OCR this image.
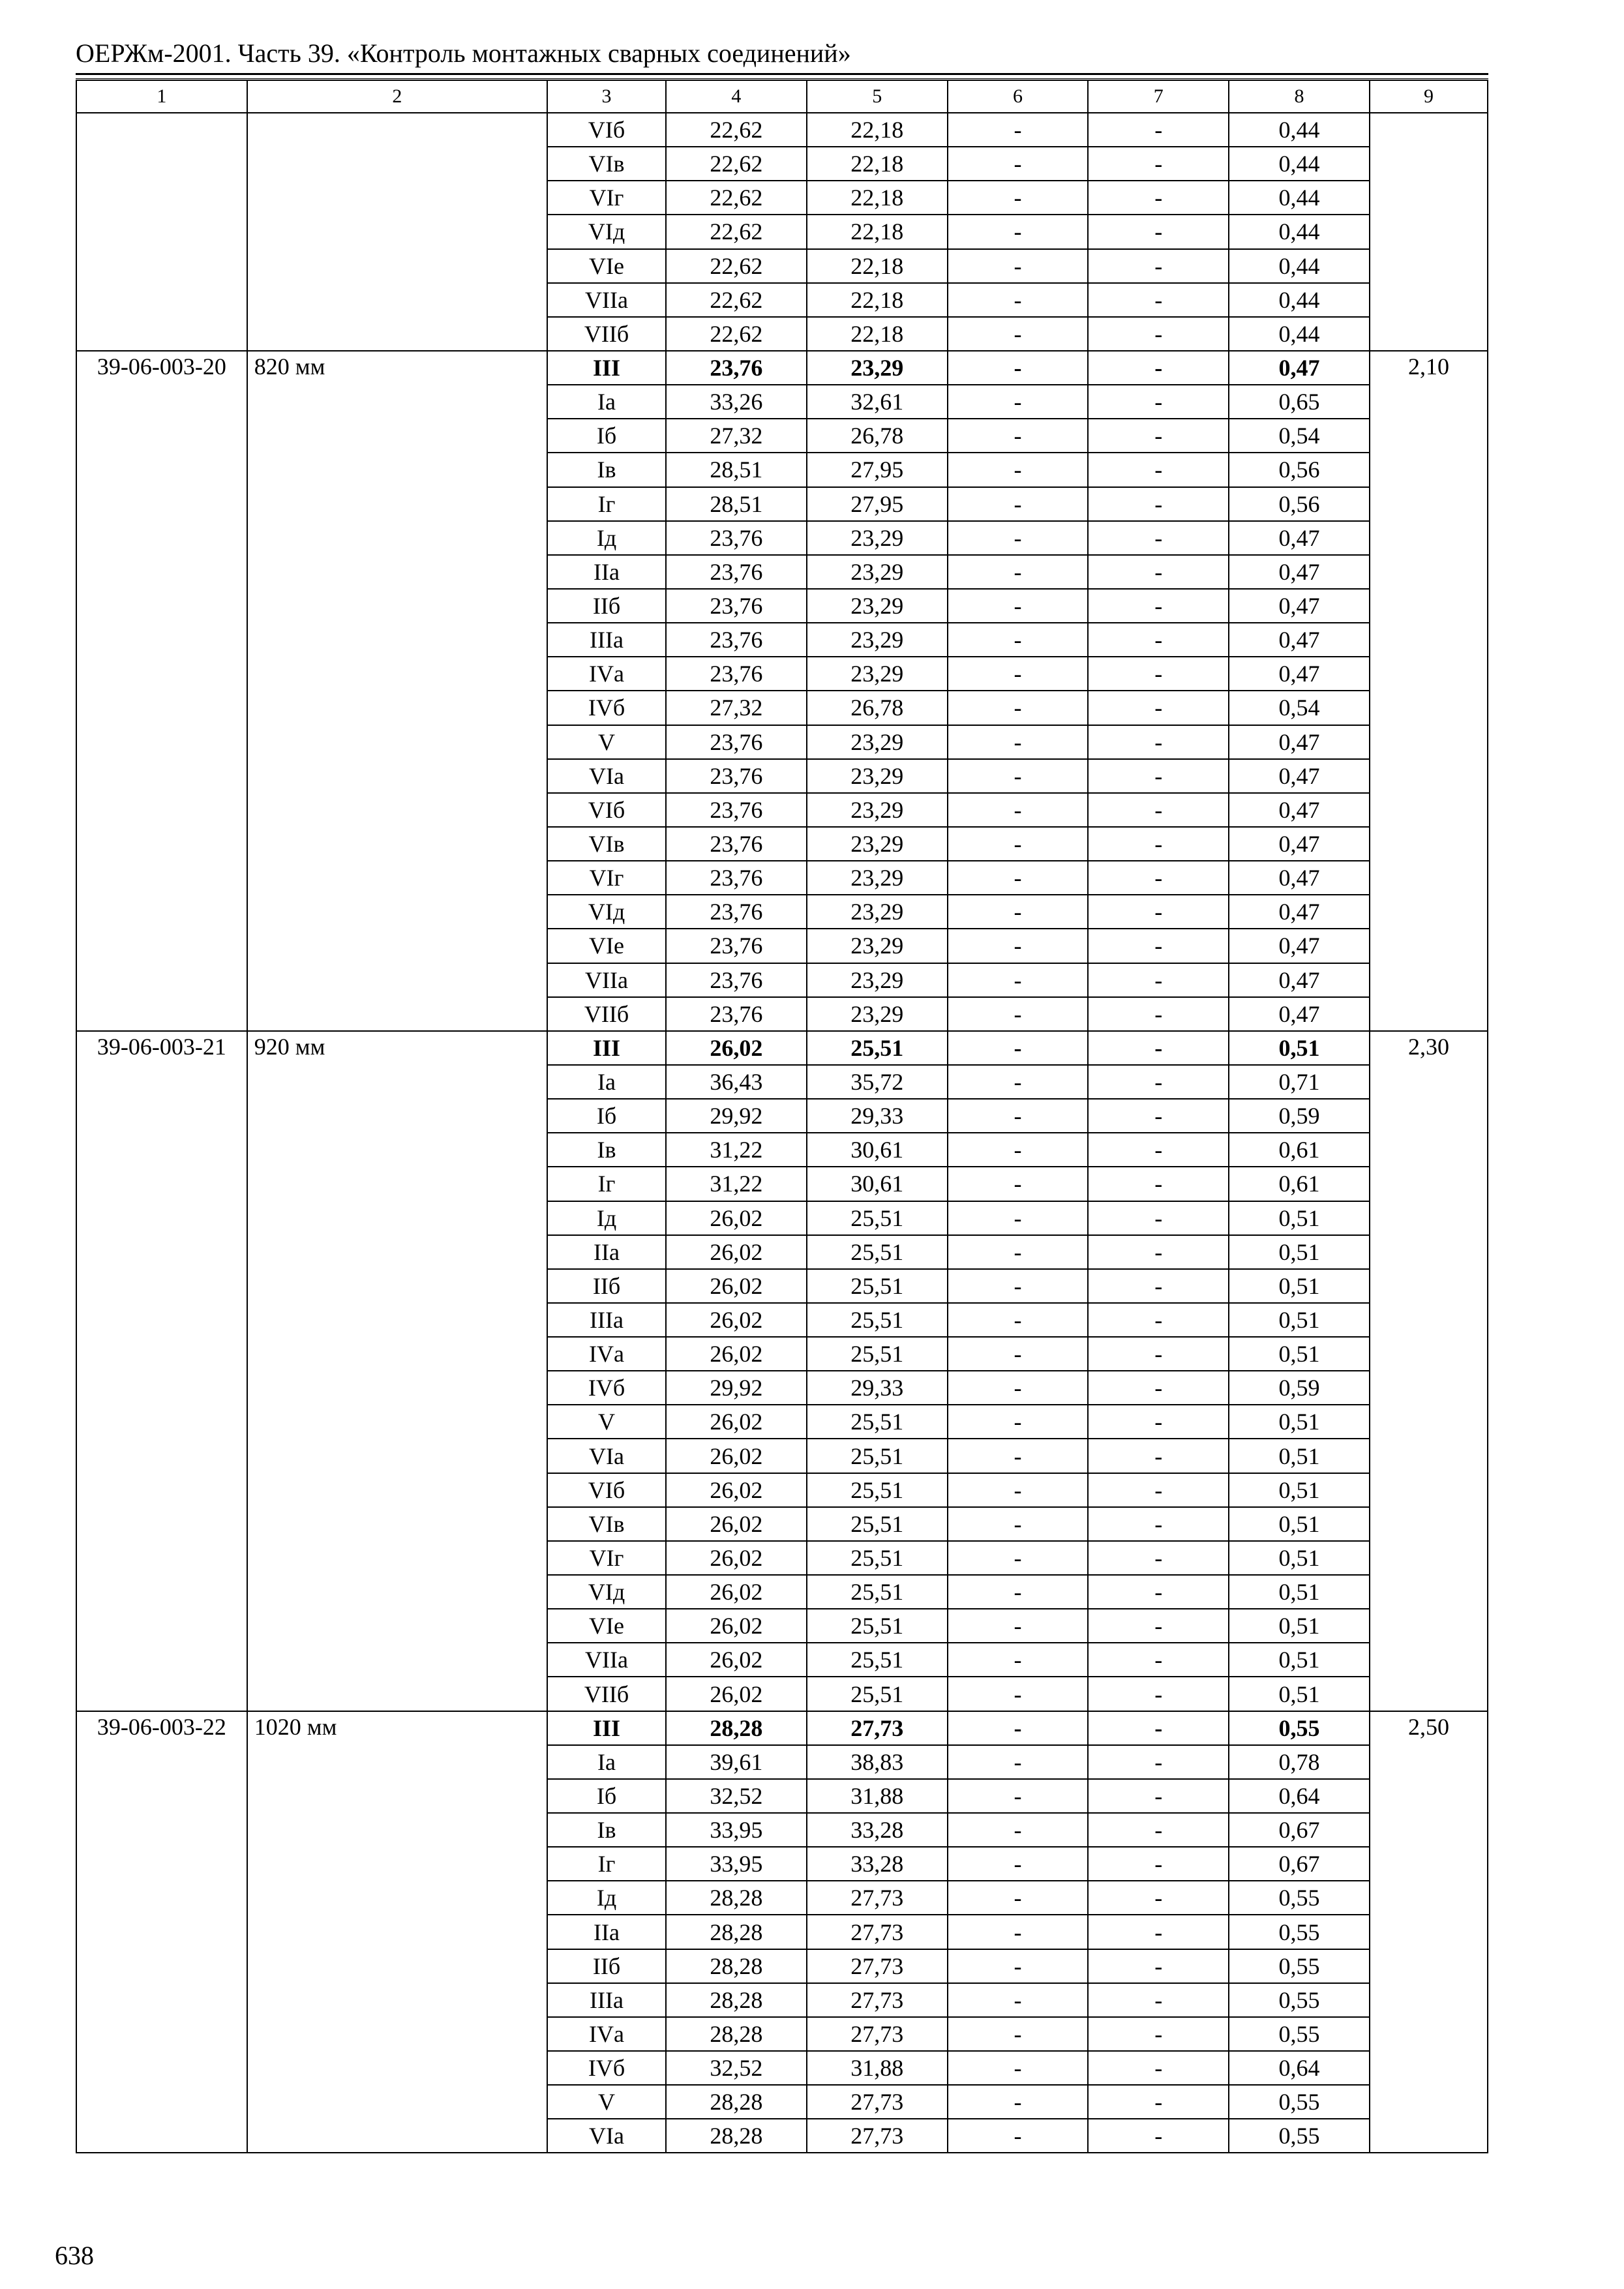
ОЕРЖм-2001. Часть 39. «Контроль монтажных сварных соединений»
1	2	3	4	5	6	7	8	9
		VIб	22,62	22,18	-	-	0,44	
		VIв	22,62	22,18	-	-	0,44	
		VIг	22,62	22,18	-	-	0,44	
		VIд	22,62	22,18	-	-	0,44	
		VIе	22,62	22,18	-	-	0,44	
		VIIа	22,62	22,18	-	-	0,44	
		VIIб	22,62	22,18	-	-	0,44	
39-06-003-20	820 мм	III	23,76	23,29	-	-	0,47	2,10
		Iа	33,26	32,61	-	-	0,65	
		Iб	27,32	26,78	-	-	0,54	
		Iв	28,51	27,95	-	-	0,56	
		Iг	28,51	27,95	-	-	0,56	
		Iд	23,76	23,29	-	-	0,47	
		IIа	23,76	23,29	-	-	0,47	
		IIб	23,76	23,29	-	-	0,47	
		IIIа	23,76	23,29	-	-	0,47	
		IVа	23,76	23,29	-	-	0,47	
		IVб	27,32	26,78	-	-	0,54	
		V	23,76	23,29	-	-	0,47	
		VIа	23,76	23,29	-	-	0,47	
		VIб	23,76	23,29	-	-	0,47	
		VIв	23,76	23,29	-	-	0,47	
		VIг	23,76	23,29	-	-	0,47	
		VIд	23,76	23,29	-	-	0,47	
		VIе	23,76	23,29	-	-	0,47	
		VIIа	23,76	23,29	-	-	0,47	
		VIIб	23,76	23,29	-	-	0,47	
39-06-003-21	920 мм	III	26,02	25,51	-	-	0,51	2,30
		Iа	36,43	35,72	-	-	0,71	
		Iб	29,92	29,33	-	-	0,59	
		Iв	31,22	30,61	-	-	0,61	
		Iг	31,22	30,61	-	-	0,61	
		Iд	26,02	25,51	-	-	0,51	
		IIа	26,02	25,51	-	-	0,51	
		IIб	26,02	25,51	-	-	0,51	
		IIIа	26,02	25,51	-	-	0,51	
		IVа	26,02	25,51	-	-	0,51	
		IVб	29,92	29,33	-	-	0,59	
		V	26,02	25,51	-	-	0,51	
		VIа	26,02	25,51	-	-	0,51	
		VIб	26,02	25,51	-	-	0,51	
		VIв	26,02	25,51	-	-	0,51	
		VIг	26,02	25,51	-	-	0,51	
		VIд	26,02	25,51	-	-	0,51	
		VIе	26,02	25,51	-	-	0,51	
		VIIа	26,02	25,51	-	-	0,51	
		VIIб	26,02	25,51	-	-	0,51	
39-06-003-22	1020 мм	III	28,28	27,73	-	-	0,55	2,50
		Iа	39,61	38,83	-	-	0,78	
		Iб	32,52	31,88	-	-	0,64	
		Iв	33,95	33,28	-	-	0,67	
		Iг	33,95	33,28	-	-	0,67	
		Iд	28,28	27,73	-	-	0,55	
		IIа	28,28	27,73	-	-	0,55	
		IIб	28,28	27,73	-	-	0,55	
		IIIа	28,28	27,73	-	-	0,55	
		IVа	28,28	27,73	-	-	0,55	
		IVб	32,52	31,88	-	-	0,64	
		V	28,28	27,73	-	-	0,55	
		VIа	28,28	27,73	-	-	0,55	
638
